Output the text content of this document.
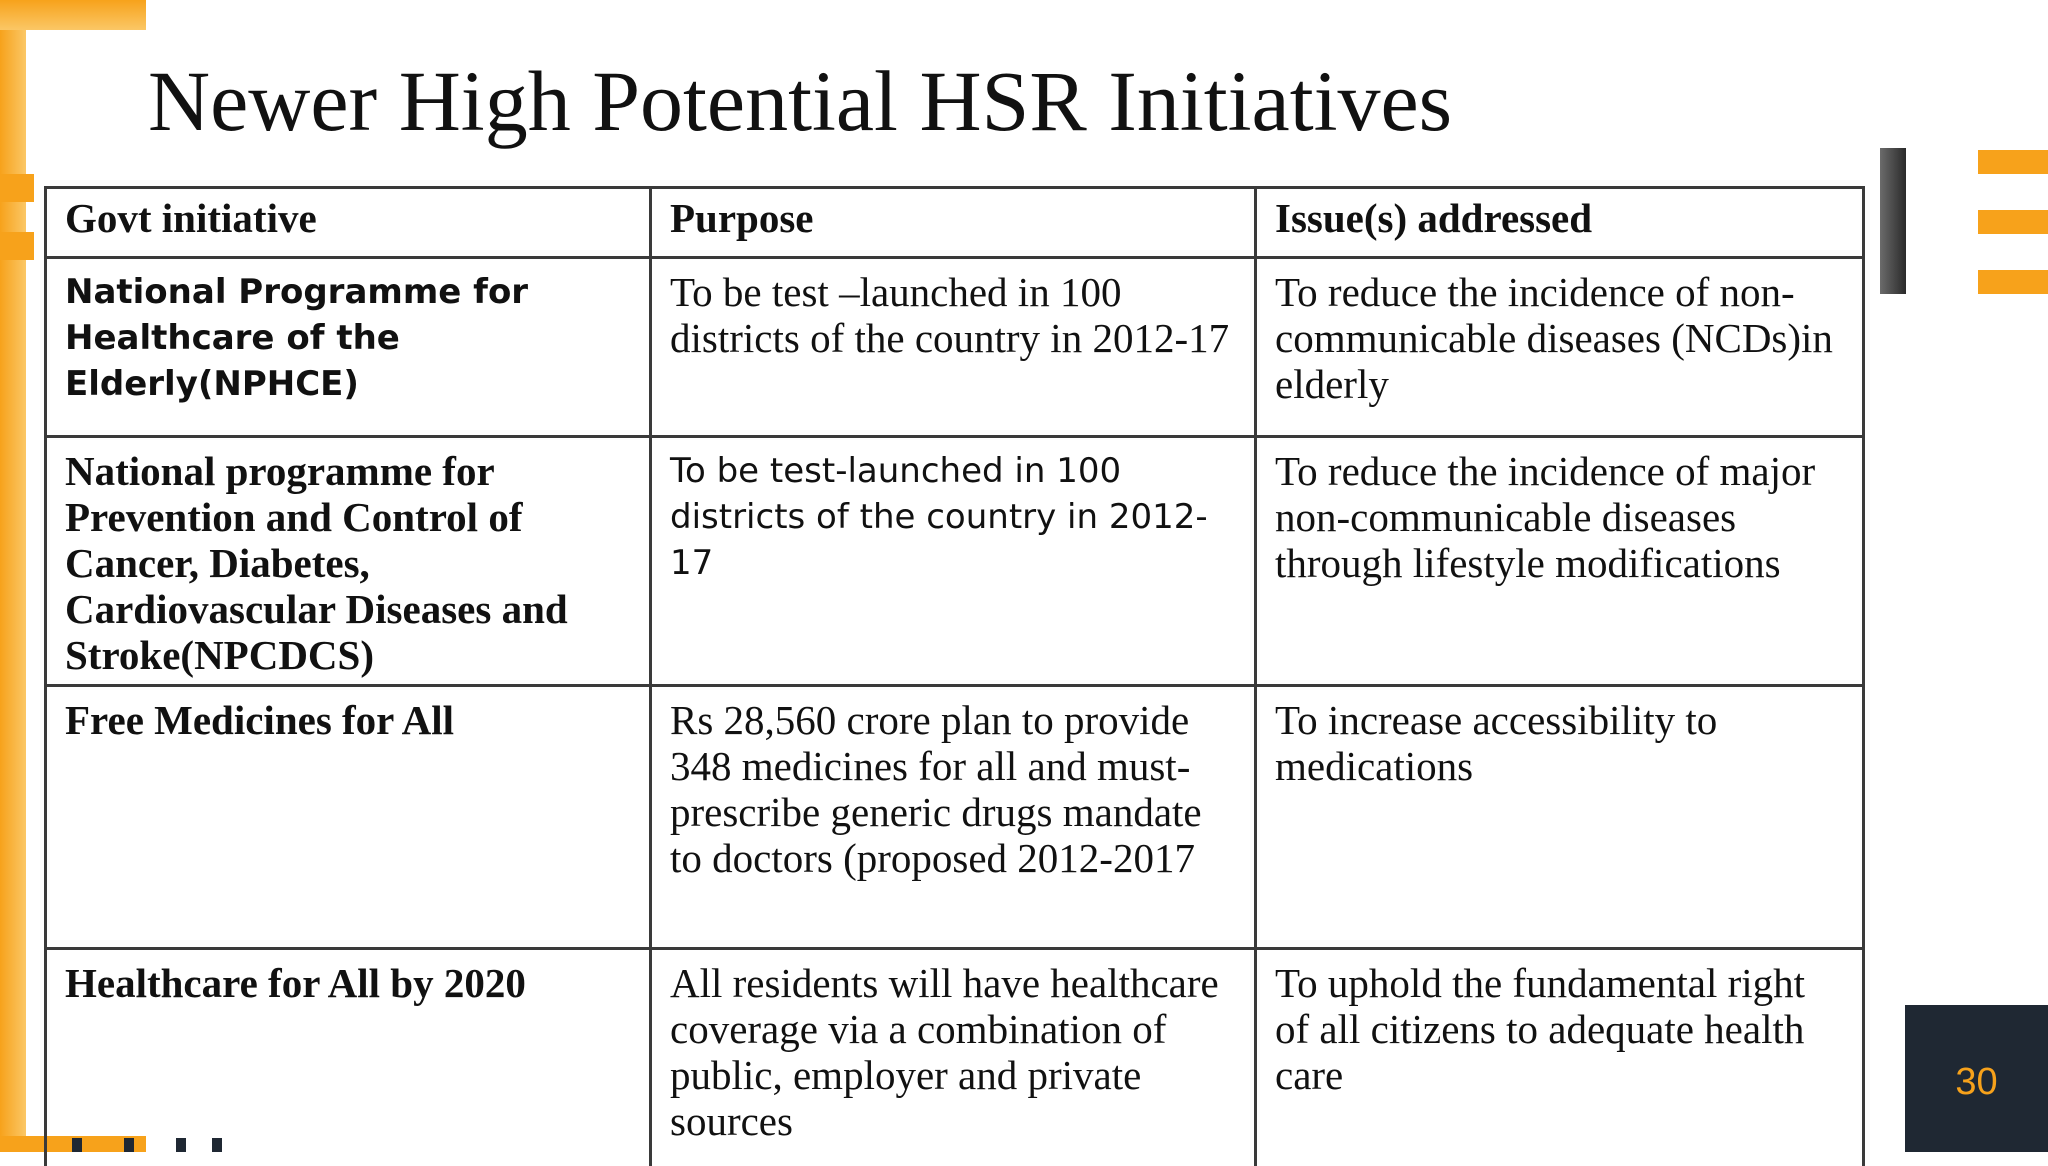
Newer High Potential HSR Initiatives
Govt initiative	Purpose	Issue(s) addressed
National Programme for Healthcare of the Elderly(NPHCE)	To be test –launched in 100 districts of the country in 2012-17	To reduce the incidence of non-communicable diseases (NCDs)in elderly
National programme for Prevention and Control of Cancer, Diabetes, Cardiovascular Diseases and Stroke(NPCDCS)	To be test-launched in 100 districts of the country in 2012-17	To reduce the incidence of major non-communicable diseases through lifestyle modifications
Free Medicines for All	Rs 28,560 crore plan to provide 348 medicines for all and must-prescribe generic drugs mandate to doctors (proposed 2012-2017	To increase accessibility to medications
Healthcare for All by 2020	All residents will have healthcare coverage via a combination of public, employer and private sources	To uphold the fundamental right of all citizens to adequate health care	30
